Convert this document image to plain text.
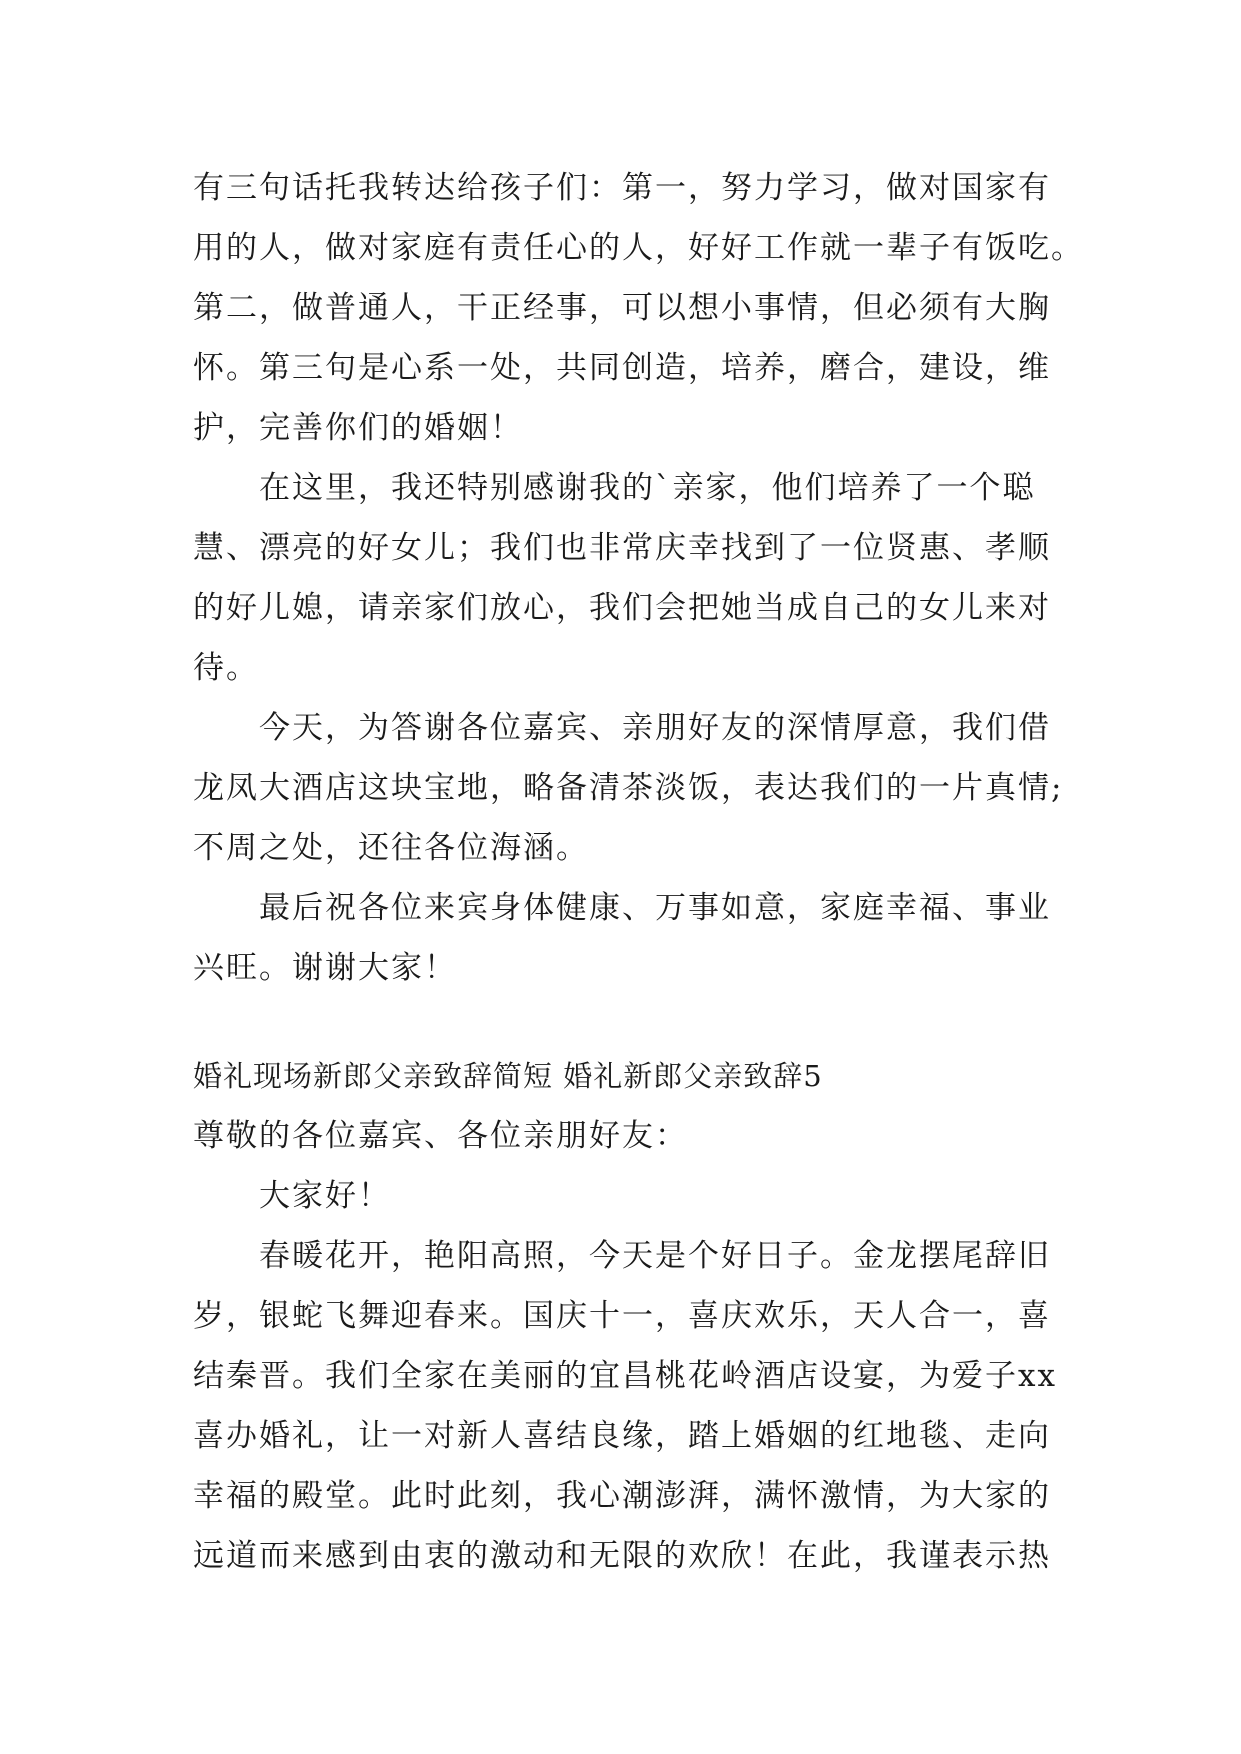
有三句话托我转达给孩子们：第一，努力学习，做对国家有

用的人，做对家庭有责任心的人，好好工作就一辈子有饭吃。

第二，做普通人，干正经事，可以想小事情，但必须有大胸

怀。第三句是心系一处，共同创造，培养，磨合，建设，维

护，完善你们的婚姻！

在这里，我还特别感谢我的`亲家，他们培养了一个聪

慧、漂亮的好女儿；我们也非常庆幸找到了一位贤惠、孝顺

的好儿媳，请亲家们放心，我们会把她当成自己的女儿来对

待。

今天，为答谢各位嘉宾、亲朋好友的深情厚意，我们借

龙凤大酒店这块宝地，略备清茶淡饭，表达我们的一片真情;

不周之处，还往各位海涵。

最后祝各位来宾身体健康、万事如意，家庭幸福、事业

兴旺。谢谢大家！

婚礼现场新郎父亲致辞简短 婚礼新郎父亲致辞5

尊敬的各位嘉宾、各位亲朋好友：

大家好！

春暖花开，艳阳高照，今天是个好日子。金龙摆尾辞旧

岁，银蛇飞舞迎春来。国庆十一，喜庆欢乐，天人合一，喜

结秦晋。我们全家在美丽的宜昌桃花岭酒店设宴，为爱子xx

喜办婚礼，让一对新人喜结良缘，踏上婚姻的红地毯、走向

幸福的殿堂。此时此刻，我心潮澎湃，满怀激情，为大家的

远道而来感到由衷的激动和无限的欢欣！在此，我谨表示热
